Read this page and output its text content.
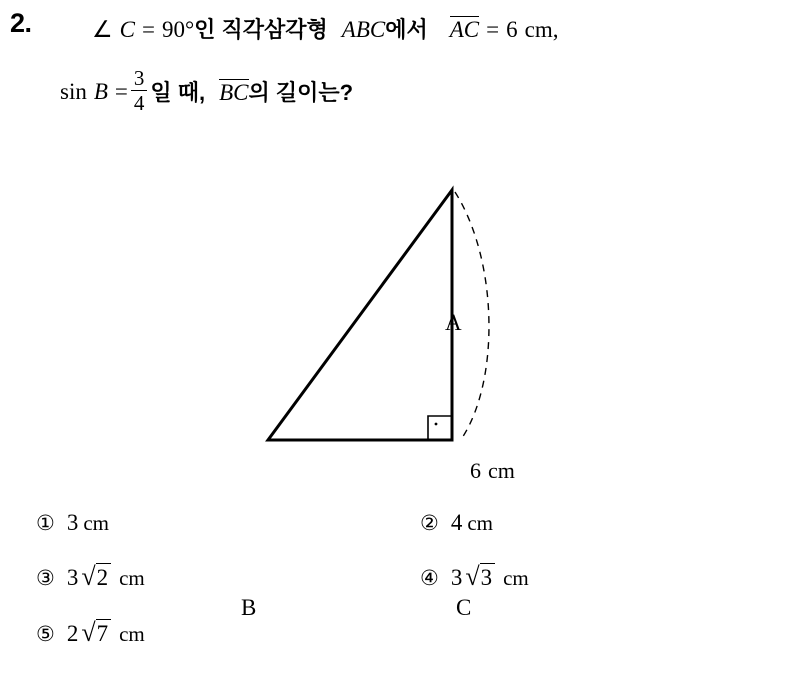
2.	∠ C = 90 ° 인 직각삼각형 ABC 에서 AC = 6 cm ,
$\sin B = \frac{3}{4}$ 일 때, BC 의 길이는?
A
B	C
6 cm
① 3 cm	② 4 cm
③ 3 √ 2 cm	④ 3 √ 3 cm
⑤ 2 √ 7 cm
